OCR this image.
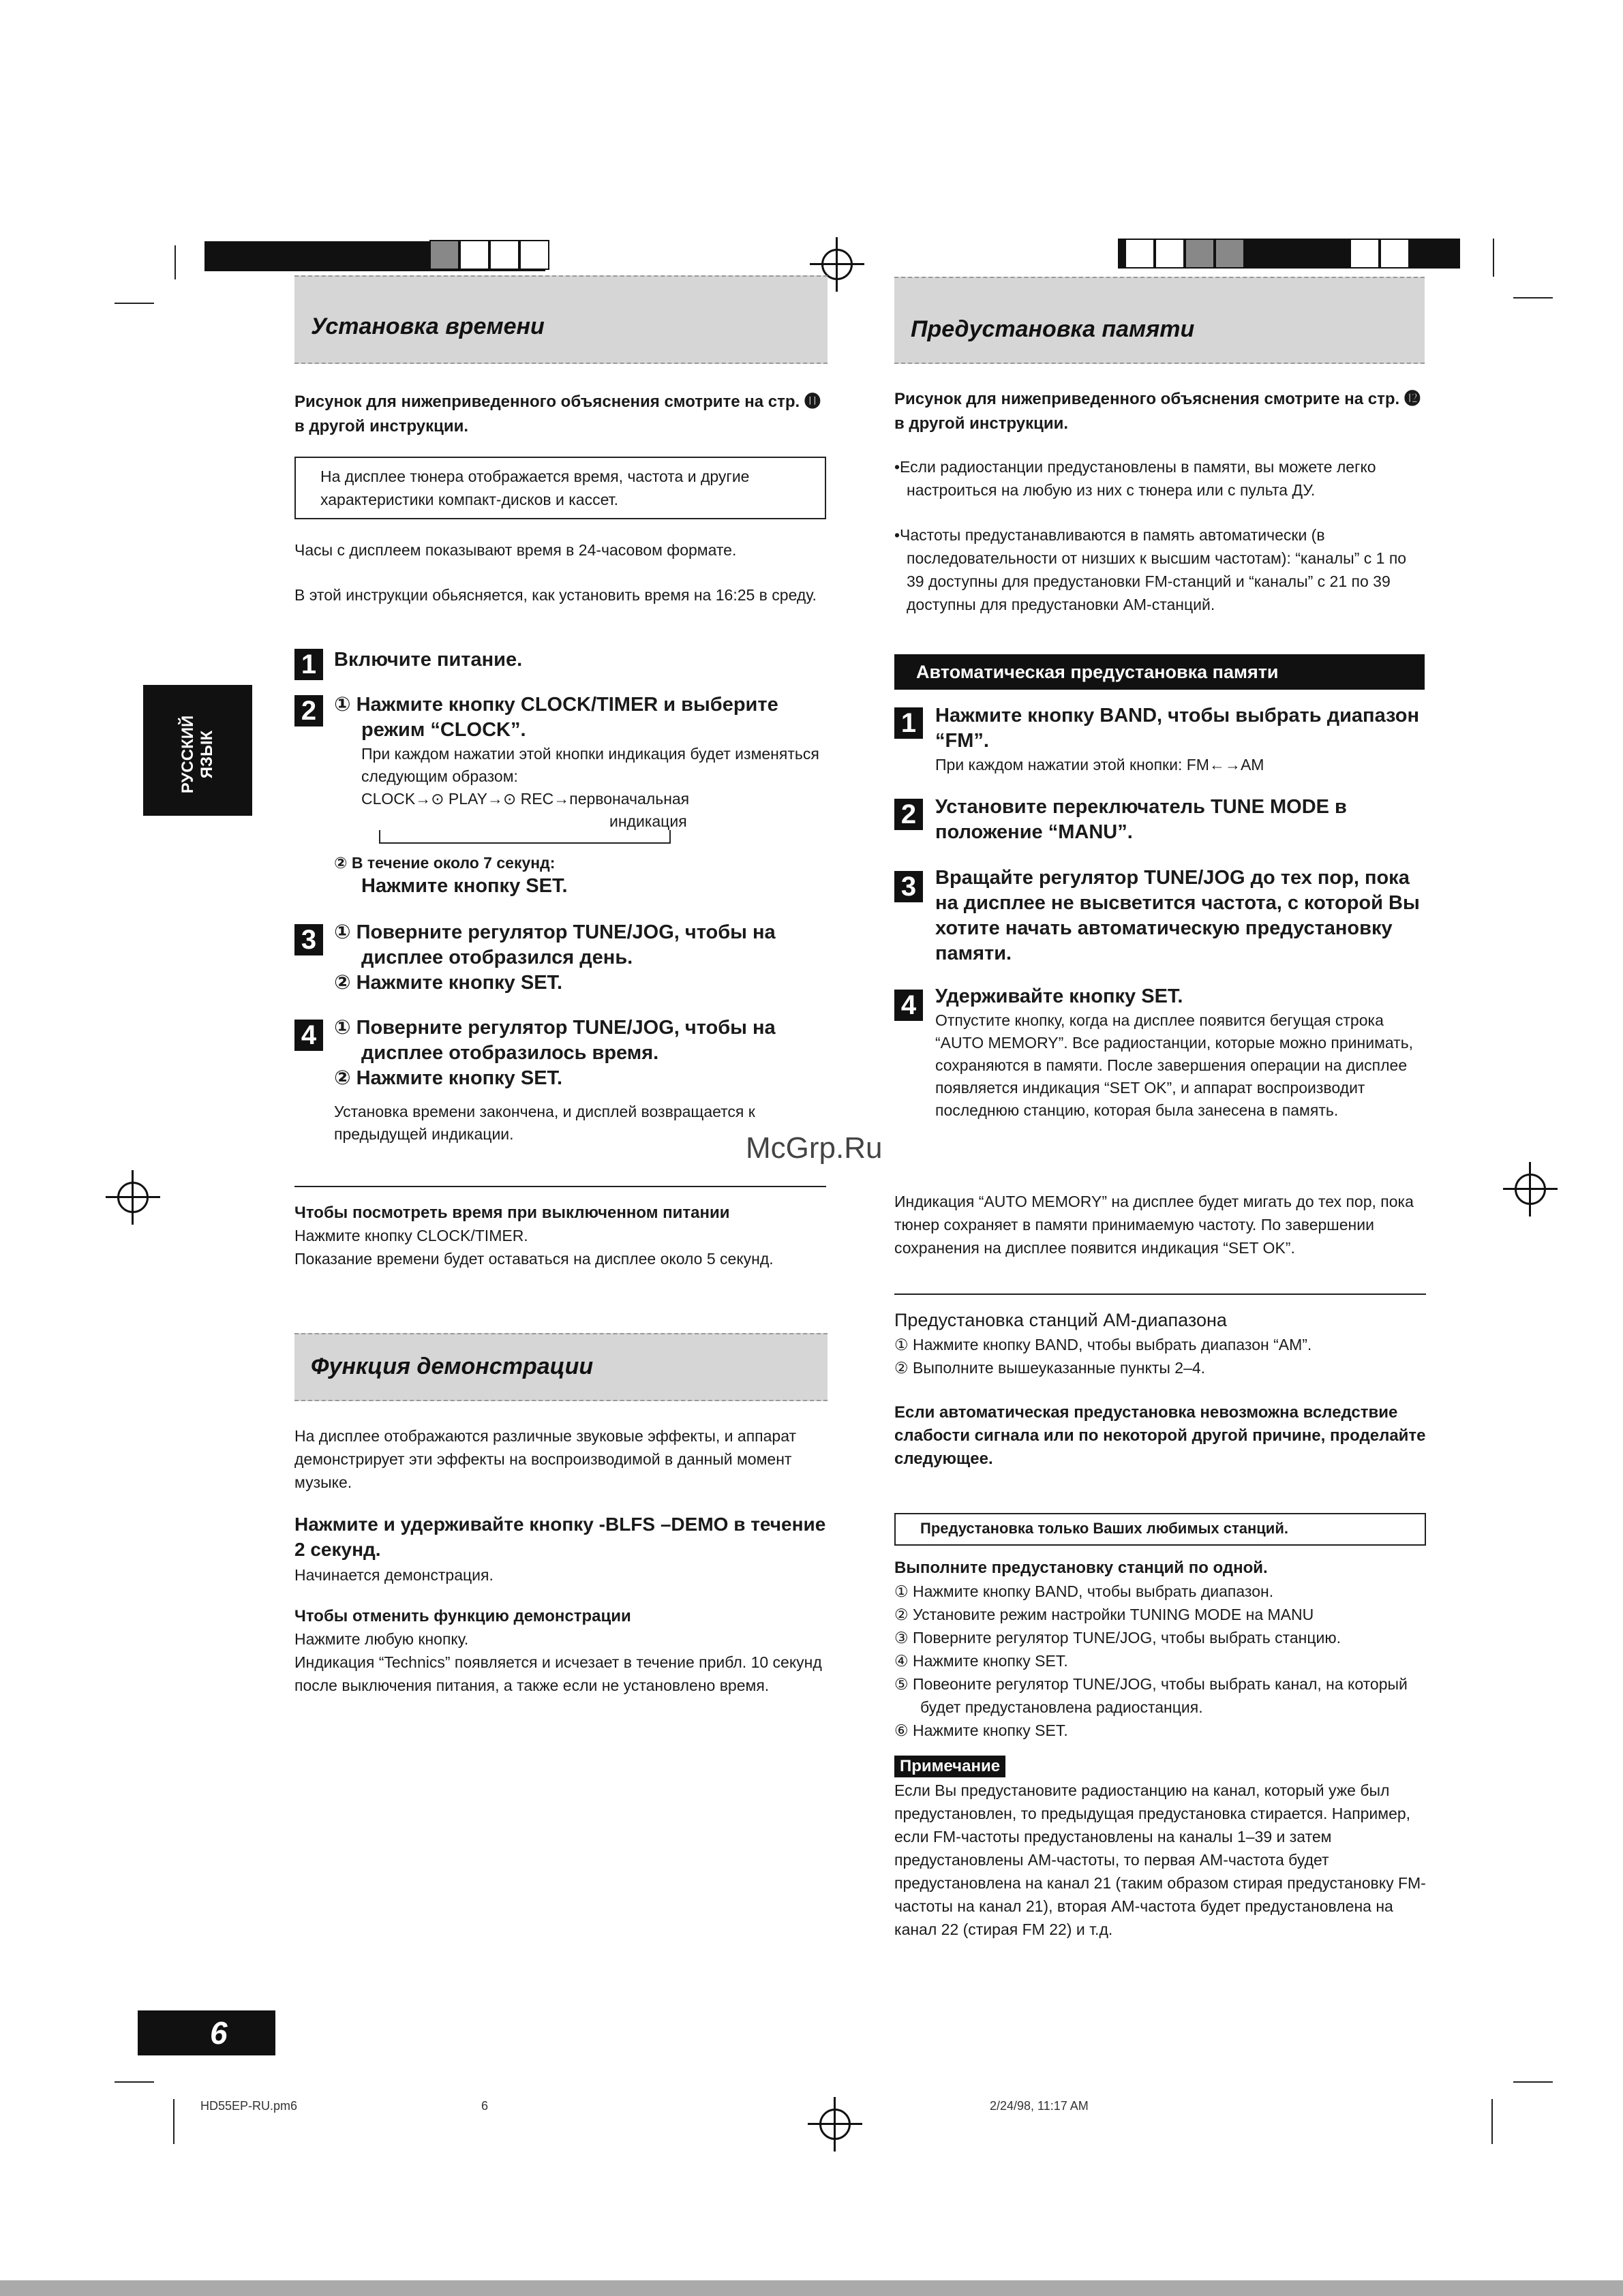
РУССКИЙ ЯЗЫК
Установка времени
Рисунок для нижеприведенного объяснения смотрите на стр. ⓫ в другой инструкции.
На дисплее тюнера отображается время, частота и другие характеристики компакт-дисков и кассет.
Часы с дисплеем показывают время в 24-часовом формате.
В этой инструкции обьясняется, как установить время на 16:25 в среду.
1 Включите питание.
2 ① Нажмите кнопку CLOCK/TIMER и выберите режим “CLOCK”.
При каждом нажатии этой кнопки индикация будет изменяться следующим образом:
CLOCK→⊙ PLAY→⊙ REC→первоначальная
индикация
② В течение около 7 секунд:
Нажмите кнопку SET.
3 ① Поверните регулятор TUNE/JOG, чтобы на дисплее отобразился день.
② Нажмите кнопку SET.
4 ① Поверните регулятор TUNE/JOG, чтобы на дисплее отобразилось время.
② Нажмите кнопку SET.
Установка времени закончена, и дисплей возвращается к предыдущей индикации.
Чтобы посмотреть время при выключенном питании
Нажмите кнопку CLOCK/TIMER.
Показание времени будет оставаться на дисплее около 5 секунд.
Функция демонстрации
На дисплее отображаются различные звуковые эффекты, и аппарат демонстрирует эти эффекты на воспроизводимой в данный момент музыке.
Нажмите и удерживайте кнопку -BLFS –DEMO в течение 2 секунд.
Начинается демонстрация.
Чтобы отменить функцию демонстрации
Нажмите любую кнопку.
Индикация “Technics” появляется и исчезает в течение прибл. 10 секунд после выключения питания, а также если не установлено время.
McGrp.Ru
Предустановка памяти
Рисунок для нижеприведенного объяснения смотрите на стр. ⓬ в другой инструкции.
•Если радиостанции предустановлены в памяти, вы можете легко настроиться на любую из них с тюнера или с пульта ДУ.
•Частоты предустанавливаются в память автоматически (в последовательности от низших к высшим частотам): “каналы” с 1 по 39 доступны для предустановки FM-станций и “каналы” с 21 по 39 доступны для предустановки AM-станций.
Автоматическая предустановка памяти
1 Нажмите кнопку BAND, чтобы выбрать диапазон “FM”.
При каждом нажатии этой кнопки: FM←→AM
2 Установите переключатель TUNE MODE в положение “MANU”.
3 Вращайте регулятор TUNE/JOG до тех пор, пока на дисплее не высветится частота, с которой Вы хотите начать автоматическую предустановку памяти.
4 Удерживайте кнопку SET.
Отпустите кнопку, когда на дисплее появится бегущая строка “AUTO MEMORY”. Все радиостанции, которые можно принимать, сохраняются в памяти. После завершения операции на дисплее появляется индикация “SET OK”, и аппарат воспроизводит последнюю станцию, которая была занесена в память.
Индикация “AUTO MEMORY” на дисплее будет мигать до тех пор, пока тюнер сохраняет в памяти принимаемую частоту. По завершении сохранения на дисплее появится индикация “SET OK”.
Предустановка станций АМ-диапазона
① Нажмите кнопку BAND, чтобы выбрать диапазон “AM”.
② Выполните вышеуказанные пункты 2–4.
Если автоматическая предустановка невозможна вследствие слабости сигнала или по некоторой другой причине, проделайте следующее.
Предустановка только Ваших любимых станций.
Выполните предустановку станций по одной.
① Нажмите кнопку BAND, чтобы выбрать диапазон.
② Установите режим настройки TUNING MODE на MANU
③ Поверните регулятор TUNE/JOG, чтобы выбрать станцию.
④ Нажмите кнопку SET.
⑤ Повеоните регулятор TUNE/JOG, чтобы выбрать канал, на который будет предустановлена радиостанция.
⑥ Нажмите кнопку SET.
Примечание
Если Вы предустановите радиостанцию на канал, который уже был предустановлен, то предыдущая предустановка стирается. Например, если FM-частоты предустановлены на каналы 1–39 и затем предустановлены AM-частоты, то первая AM-частота будет предустановлена на канал 21 (таким образом стирая предустановку FM-частоты на канал 21), вторая AM-частота будет предустановлена на канал 22 (стирая FM 22) и т.д.
6
HD55EP-RU.pm6	6	2/24/98, 11:17 AM
